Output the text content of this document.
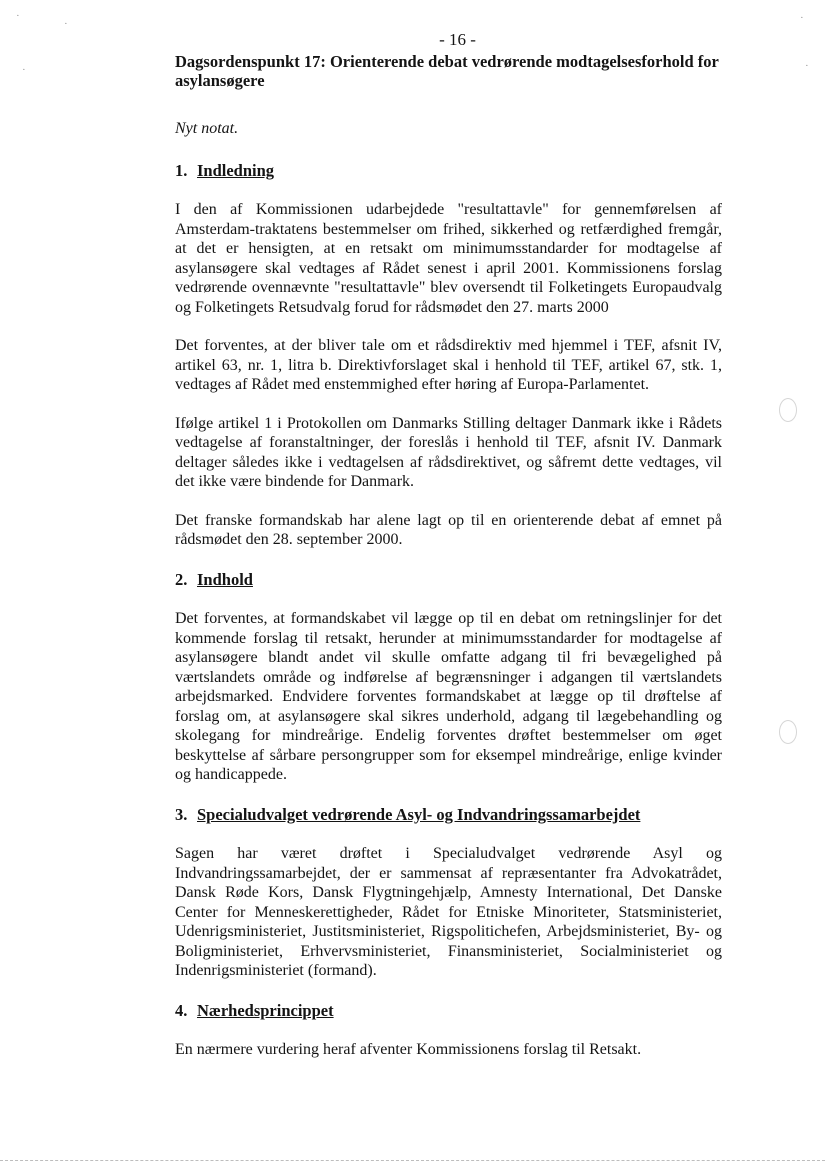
·
·
·
·
·
- 16 -
Dagsordenspunkt 17: Orienterende debat vedrørende modtagelsesforhold for asylansøgere
Nyt notat.
1. Indledning

I den af Kommissionen udarbejdede "resultattavle" for gennemførelsen af Amsterdam-traktatens bestemmelser om frihed, sikkerhed og retfærdighed fremgår, at det er hensigten, at en retsakt om minimumsstandarder for modtagelse af asylansøgere skal vedtages af Rådet senest i april 2001. Kommissionens forslag vedrørende ovennævnte "resultattavle" blev oversendt til Folketingets Europaudvalg og Folketingets Retsudvalg forud for rådsmødet den 27. marts 2000

Det forventes, at der bliver tale om et rådsdirektiv med hjemmel i TEF, afsnit IV, artikel 63, nr. 1, litra b. Direktivforslaget skal i henhold til TEF, artikel 67, stk. 1, vedtages af Rådet med enstemmighed efter høring af Europa-Parlamentet.

Ifølge artikel 1 i Protokollen om Danmarks Stilling deltager Danmark ikke i Rådets vedtagelse af foranstaltninger, der foreslås i henhold til TEF, afsnit IV. Danmark deltager således ikke i vedtagelsen af rådsdirektivet, og såfremt dette vedtages, vil det ikke være bindende for Danmark.

Det franske formandskab har alene lagt op til en orienterende debat af emnet på rådsmødet den 28. september 2000.

2. Indhold

Det forventes, at formandskabet vil lægge op til en debat om retningslinjer for det kommende forslag til retsakt, herunder at minimumsstandarder for modtagelse af asylansøgere blandt andet vil skulle omfatte adgang til fri bevægelighed på værtslandets område og indførelse af begrænsninger i adgangen til værtslandets arbejdsmarked. Endvidere forventes formandskabet at lægge op til drøftelse af forslag om, at asylansøgere skal sikres underhold, adgang til lægebehandling og skolegang for mindreårige. Endelig forventes drøftet bestemmelser om øget beskyttelse af sårbare persongrupper som for eksempel mindreårige, enlige kvinder og handicappede.

3. Specialudvalget vedrørende Asyl- og Indvandringssamarbejdet

Sagen har været drøftet i Specialudvalget vedrørende Asyl og Indvandringssamarbejdet, der er sammensat af repræsentanter fra Advokatrådet, Dansk Røde Kors, Dansk Flygtningehjælp, Amnesty International, Det Danske Center for Menneskerettigheder, Rådet for Etniske Minoriteter, Statsministeriet, Udenrigsministeriet, Justitsministeriet, Rigspolitichefen, Arbejdsministeriet, By- og Boligministeriet, Erhvervsministeriet, Finansministeriet, Socialministeriet og Indenrigsministeriet (formand).

4. Nærhedsprincippet

En nærmere vurdering heraf afventer Kommissionens forslag til Retsakt.
